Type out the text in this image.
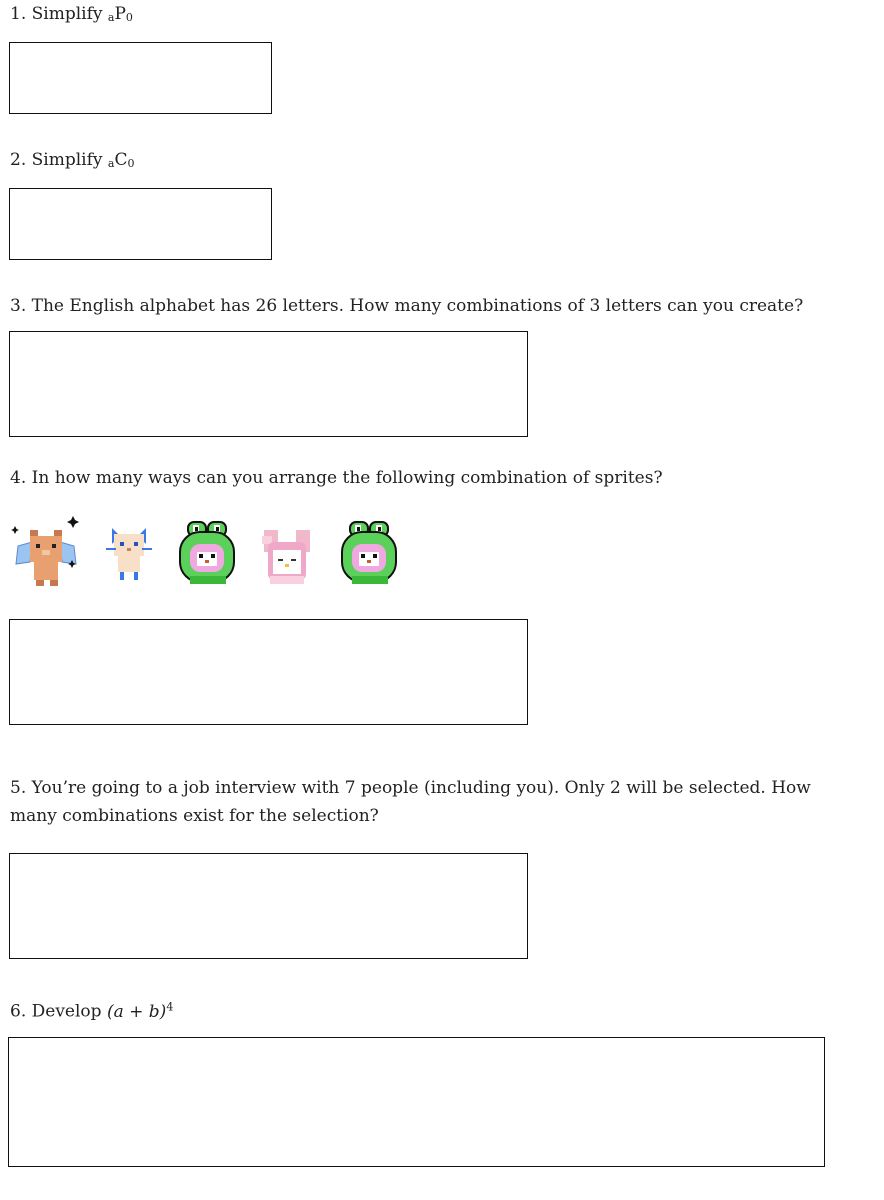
1. Simplify aP0
2. Simplify aC0
3. The English alphabet has 26 letters. How many combinations of 3 letters can you create?
4. In how many ways can you arrange the following combination of sprites?
5. You’re going to a job interview with 7 people (including you). Only 2 will be selected. How many combinations exist for the selection?
6. Develop $(a + b)^4$
